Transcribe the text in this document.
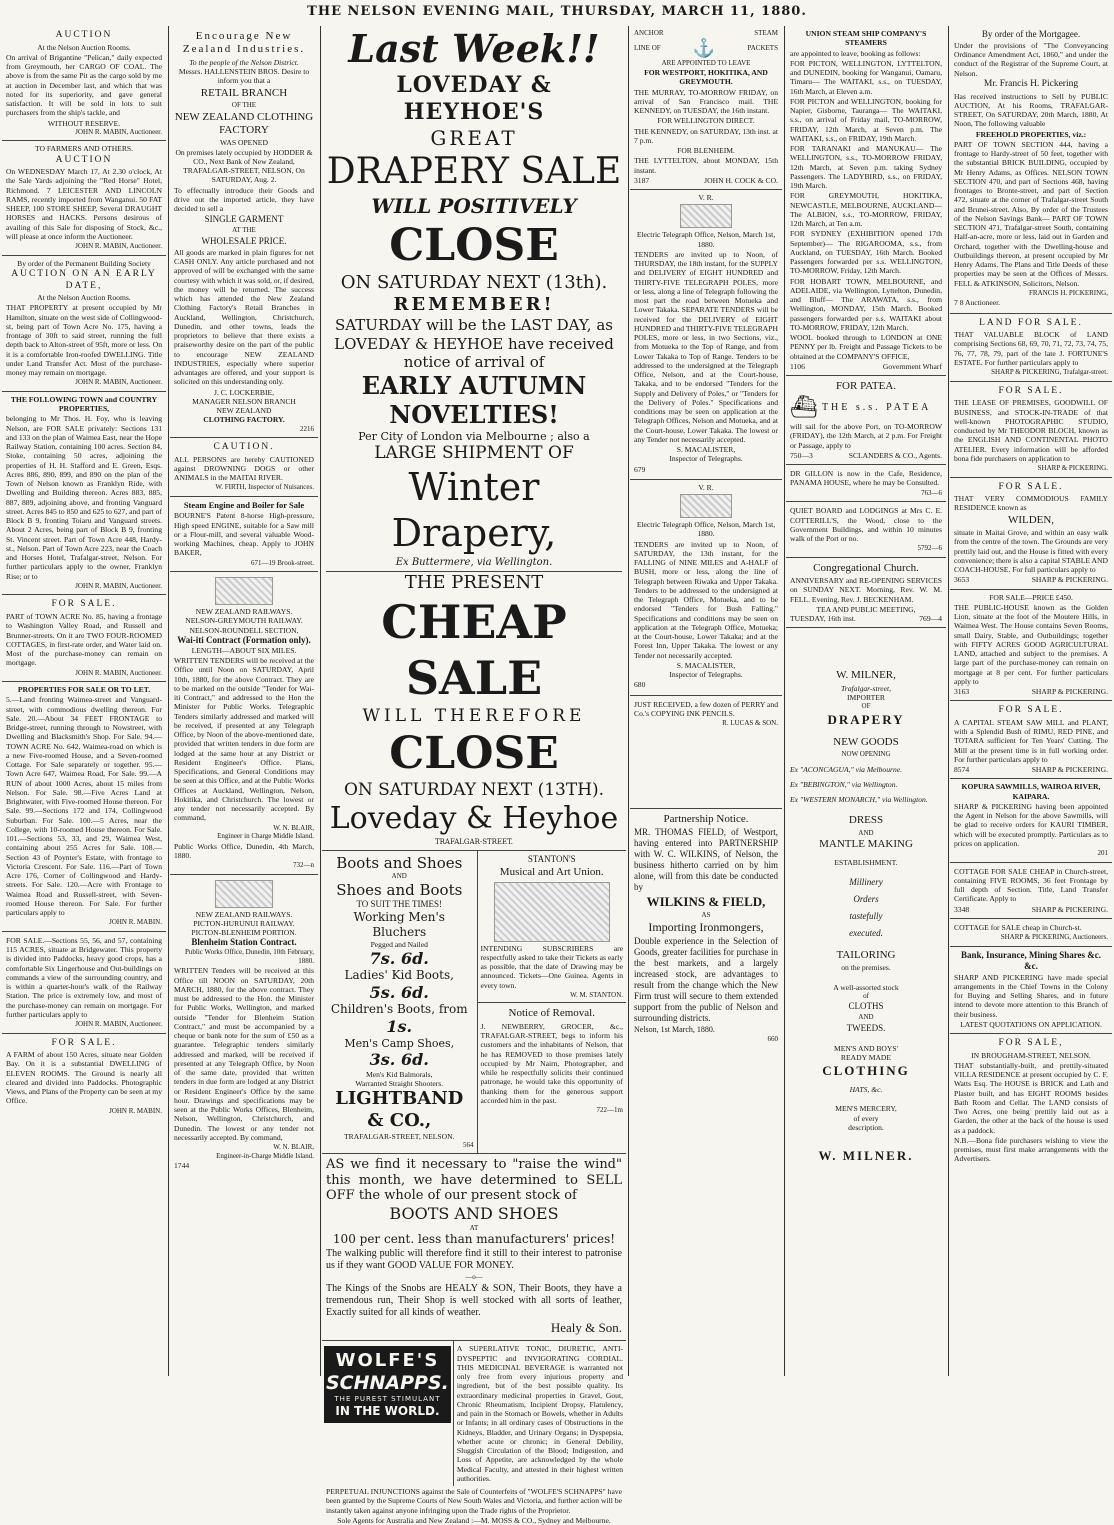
THE NELSON EVENING MAIL, THURSDAY, MARCH 11, 1880.
AUCTION
At the Nelson Auction Rooms.
On arrival of Brigantine "Pelican," daily expected from Greymouth, her CARGO OF COAL. The above is from the same Pit as the cargo sold by me at auction in December last, and which that was noted for its superiority, and gave general satisfaction. It will be sold in lots to suit purchasers from the ship's tackle, and
WITHOUT RESERVE.
JOHN R. MABIN, Auctioneer.
TO FARMERS AND OTHERS.
AUCTION
On WEDNESDAY March 17, At 2.30 o'clock, At the Sale Yards adjoining the "Red Horse" Hotel, Richmond. 7 LEICESTER AND LINCOLN RAMS, recently imported from Wanganui. 50 FAT SHEEP, 100 STORE SHEEP, Several DRAUGHT HORSES and HACKS. Persons desirous of availing of this Sale for disposing of Stock, &c., will please at once inform the Auctioneer.
JOHN R. MABIN, Auctioneer.
By order of the Permanent Building Society
AUCTION ON AN EARLY DATE,
At the Nelson Auction Rooms.
THAT PROPERTY at present occupied by Mr Hamilton, situate on the west side of Collingwood-st, being part of Town Acre No. 175, having a frontage of 30ft to said street, running the full depth back to Alton-street of 95ft, more or less. On it is a comfortable Iron-roofed DWELLING. Title under Land Transfer Act. Most of the purchase-money may remain on mortgage.
JOHN R. MABIN, Auctioneer.
THE FOLLOWING TOWN and COUNTRY PROPERTIES,
belonging to Mr Thos. H. Foy, who is leaving Nelson, are FOR SALE privately: Sections 131 and 133 on the plan of Waimea East, near the Hope Railway Station, containing 100 acres. Section 84, Stoke, containing 50 acres, adjoining the properties of H. H. Stafford and E. Green, Esqs. Acres 886, 890, 899, and 890 on the plan of the Town of Nelson known as Franklyn Ride, with Dwelling and Building thereon. Acres 883, 885, 887, 889, adjoining above, and fronting Vanguard street. Acres 845 to 850 and 625 to 627, and part of Block B 9, fronting Toiaru and Vanguard streets. About 2 Acres, being part of Block B 9, fronting St. Vincent street. Part of Town Acre 448, Hardy-st., Nelson. Part of Town Acre 223, near the Coach and Horses Hotel, Trafalgar-street, Nelson. For further particulars apply to the owner, Franklyn Rise; or to
JOHN R. MABIN, Auctioneer.
FOR SALE.
PART of TOWN ACRE No. 85, having a frontage to Washington Valley Road, and Russell and Brunner-streets. On it are TWO FOUR-ROOMED COTTAGES, in first-rate order, and Water laid on. Most of the purchase-money can remain on mortgage.
JOHN R. MABIN, Auctioneer.
PROPERTIES FOR SALE OR TO LET.
5.—Land fronting Waimea-street and Vanguard-street, with commodious dwelling thereon. For Sale. 20.—About 34 FEET FRONTAGE to Bridge-street, running through to Nowstreet, with Dwelling and Blacksmith's Shop. For Sale. 94.—TOWN ACRE No. 642, Waimea-road on which is a new Five-roomed House, and a Seven-roomed Cottage. For Sale separately or together. 95.—Town Acre 647, Waimea Road, For Sale. 99.—A RUN of about 1000 Acres, about 15 miles from Nelson. For Sale. 98.—Five Acres Land at Brightwater, with Five-roomed House thereon. For Sale. 99.—Sections 172 and 174, Collingwood Suburban. For Sale. 100.—5 Acres, near the College, with 10-roomed House thereon. For Sale. 101.—Sections 53, 33, and 29, Waimea West, containing about 255 Acres for Sale. 108.—Section 43 of Poynter's Estate, with frontage to Victoria Crescent. For Sale. 116.—Part of Town Acre 176, Corner of Collingwood and Hardy-streets. For Sale. 120.—Acre with Frontage to Waimea Road and Russell-street, with Seven-roomed House thereon. For Sale. For further particulars apply to
JOHN R. MABIN.
FOR SALE.—Sections 55, 56, and 57, containing 115 ACRES, situate at Bridgewater. This property is divided into Paddocks, heavy good crops, has a comfortable Six Lingerhouse and Out-buildings on commands a view of the surrounding country, and is within a quarter-hour's walk of the Railway Station. The price is extremely low, and most of the purchase-money can remain on mortgage. For further particulars apply to
JOHN R. MABIN, Auctioneer.
FOR SALE.
A FARM of about 150 Acres, situate near Golden Bay. On it is a substantial DWELLING of ELEVEN ROOMS. The Ground is nearly all cleared and divided into Paddocks. Photographic Views, and Plans of the Property can be seen at my Office.
JOHN R. MABIN.
Encourage New Zealand Industries.
To the people of the Nelson District.
Messrs. HALLENSTEIN BROS. Desire to inform you that a
RETAIL BRANCH
OF THE
NEW ZEALAND CLOTHING FACTORY
WAS OPENED
On premises lately occupied by HODDER & CO., Next Bank of New Zealand, TRAFALGAR-STREET, NELSON, On SATURDAY, Aug. 2.
To effectually introduce their Goods and drive out the imported article, they have decided to sell a
SINGLE GARMENT
AT THE
WHOLESALE PRICE.
All goods are marked in plain figures for net CASH ONLY. Any article purchased and not approved of will be exchanged with the same courtesy with which it was sold, or, if desired, the money will be returned. The success which has attended the New Zealand Clothing Factory's Retail Branches in Auckland, Wellington, Christchurch, Dunedin, and other towns, leads the proprietors to believe that there exists a praiseworthy desire on the part of the public to encourage NEW ZEALAND INDUSTRIES, especially where superior advantages are offered, and your support is solicited on this understanding only.
J. C. LOCKERBIE,
MANAGER NELSON BRANCH
NEW ZEALAND
CLOTHING FACTORY.
2216
CAUTION.
ALL PERSONS are hereby CAUTIONED against DROWNING DOGS or other ANIMALS in the MAITAI RIVER.
W. FIRTH, Inspector of Nuisances.
Steam Engine and Boiler for Sale
BOURNE'S Patent 8-horse High-pressure, High speed ENGINE, suitable for a Saw mill or a Flour-mill, and several valuable Wood-working Machines, cheap. Apply to JOHN BAKER,
671—19 Brook-street.
NEW ZEALAND RAILWAYS.
NELSON-GREYMOUTH RAILWAY.
NELSON-ROUNDELL SECTION,
Wai-iti Contract (Formation only).
LENGTH—ABOUT SIX MILES.
WRITTEN TENDERS will be received at the Office until Noon on SATURDAY, April 10th, 1880, for the above Contract. They are to be marked on the outside "Tender for Wai-iti Contract," and addressed to the Hon the Minister for Public Works. Telegraphic Tenders similarly addressed and marked will be received, if presented at any Telegraph Office, by Noon of the above-mentioned date, provided that written tenders in due form are lodged at the same hour at any District or Resident Engineer's Office. Plans, Specifications, and General Conditions may be seen at this Office, and at the Public Works Offices at Auckland, Wellington, Nelson, Hokitika, and Christchurch. The lowest or any tender not necessarily accepted. By command,
W. N. BLAIR,
Engineer in Charge Middle Island.
Public Works Office, Dunedin, 4th March, 1880.
732—n
NEW ZEALAND RAILWAYS.
PICTON-HURUNUI RAILWAY.
PICTON-BLENHEIM PORTION.
Blenheim Station Contract.
Public Works Office, Dunedin, 10th February, 1880.
WRITTEN Tenders will be received at this Office till NOON on SATURDAY, 20th MARCH, 1880, for the above contract. They must be addressed to the Hon. the Minister for Public Works, Wellington, and marked outside "Tender for Blenheim Station Contract," and must be accompanied by a cheque or bank note for the sum of £50 as a guarantee. Telegraphic tenders similarly addressed and marked, will be received if presented at any Telegraph Office, by Noon of the same date, provided that written tenders in due form are lodged at any District or Resident Engineer's Office by the same hour. Drawings and specifications may be seen at the Public Works Offices, Blenheim, Nelson, Wellington, Christchurch, and Dunedin. The lowest or any tender not necessarily accepted. By command,
W. N. BLAIR,
Engineer-in-Charge Middle Island.
1744
Last Week!!
LOVEDAY & HEYHOE'S
GREAT
DRAPERY SALE
WILL POSITIVELY
CLOSE
ON SATURDAY NEXT (13th).
REMEMBER!
SATURDAY will be the LAST DAY, as LOVEDAY & HEYHOE have received notice of arrival of
EARLY AUTUMN NOVELTIES!
Per City of London via Melbourne ; also a
LARGE SHIPMENT OF
Winter Drapery,
Ex Buttermere, via Wellington.
THE PRESENT
CHEAP SALE
WILL THEREFORE
CLOSE
ON SATURDAY NEXT (13TH).
Loveday & Heyhoe
TRAFALGAR-STREET.
Boots and Shoes
AND
Shoes and Boots
TO SUIT THE TIMES!
Working Men's Bluchers
Pegged and Nailed
7s. 6d.
Ladies' Kid Boots,
5s. 6d.
Children's Boots, from
1s.
Men's Camp Shoes,
3s. 6d.
Men's Kid Balmorals,
Warranted Straight Shooters.
LIGHTBAND & CO.,
TRAFALGAR-STREET, NELSON.
564
STANTON'S
Musical and Art Union.
INTENDING SUBSCRIBERS are respectfully asked to take their Tickets as early as possible, that the date of Drawing may be announced. Tickets—One Guinea. Agents in every town.
W. M. STANTON.
Notice of Removal.
J. NEWBERRY, GROCER, &c., TRAFALGAR-STREET, begs to inform his customers and the inhabitants of Nelson, that he has REMOVED to those premises lately occupied by Mr Nairn, Photographer, and while he respectfully solicits their continued patronage, he would take this opportunity of thanking them for the generous support accorded him in the past.
722—1m
AS we find it necessary to "raise the wind" this month, we have determined to SELL OFF the whole of our present stock of
BOOTS AND SHOES
AT
100 per cent. less than manufacturers' prices!
The walking public will therefore find it still to their interest to patronise us if they want GOOD VALUE FOR MONEY.
—o—
The Kings of the Snobs are HEALY & SON, Their Boots, they have a tremendous run, Their Shop is well stocked with all sorts of leather, Exactly suited for all kinds of weather.
Healy & Son.
WOLFE'S
SCHNAPPS.
THE PUREST STIMULANT
IN THE WORLD.
A SUPERLATIVE TONIC, DIURETIC, ANTI-DYSPEPTIC and INVIGORATING CORDIAL. THIS MEDICINAL BEVERAGE is warranted not only free from every injurious property and ingredient, but of the best possible quality. Its extraordinary medicinal properties in Gravel, Gout, Chronic Rheumatism, Incipient Dropsy, Flatulency, and pain in the Stomach or Bowels, whether in Adults or Infants; in all ordinary cases of Obstructions in the Kidneys, Bladder, and Urinary Organs; in Dyspepsia, whether acute or chronic; in General Debility, Sluggish Circulation of the Blood; Indigestion, and Loss of Appetite, are acknowledged by the whole Medical Faculty, and attested in their highest written authorities.
PERPETUAL INJUNCTIONS against the Sale of Counterfeits of "WOLFE'S SCHNAPPS" have been granted by the Supreme Courts of New South Wales and Victoria, and further action will be instantly taken against anyone infringing upon the Trade rights of the Proprietor.
Sole Agents for Australia and New Zealand :—M. MOSS & CO., Sydney and Melbourne.
ANCHOR	STEAM
LINE OF ⚓	PACKETS
ARE APPOINTED TO LEAVE
FOR WESTPORT, HOKITIKA, AND GREYMOUTH.
THE MURRAY, TO-MORROW FRIDAY, on arrival of San Francisco mail. THE KENNEDY, on TUESDAY, the 16th instant.
FOR WELLINGTON DIRECT.
THE KENNEDY, on SATURDAY, 13th inst. at 7 p.m.
FOR BLENHEIM.
THE LYTTELTON, about MONDAY, 15th instant.
3187	JOHN H. COCK & CO.
V. R.
Electric Telegraph Office, Nelson, March 1st, 1880.
TENDERS are invited up to Noon, of THURSDAY, the 18th instant, for the SUPPLY and DELIVERY of EIGHT HUNDRED and THIRTY-FIVE TELEGRAPH POLES, more or less, along a line of Telegraph following the most part the road between Motueka and Lower Takaka. SEPARATE TENDERS will be received for the DELIVERY of EIGHT HUNDRED and THIRTY-FIVE TELEGRAPH POLES, more or less, in two Sections, viz., from Motueka to the Top of Range, and from Lower Takaka to Top of Range. Tenders to be addressed to the undersigned at the Telegraph Office, Nelson, and at the Court-house, Takaka, and to be endorsed "Tenders for the Supply and Delivery of Poles," or "Tenders for the Delivery of Poles." Specifications and conditions may be seen on application at the Telegraph Offices, Nelson and Motueka, and at the Court-house, Lower Takaka. The lowest or any Tender not necessarily accepted.
S. MACALISTER,
Inspector of Telegraphs.
679
V. R.
Electric Telegraph Office, Nelson, March 1st, 1880.
TENDERS are invited up to Noon, of SATURDAY, the 13th instant, for the FALLING of NINE MILES and A-HALF of BUSH, more or less, along the line of Telegraph between Riwaka and Upper Takaka. Tenders to be addressed to the undersigned at the Telegraph Office, Motueka, and to be endorsed "Tenders for Bush Falling." Specifications and conditions may be seen on application at the Telegraph Office, Motueka; at the Court-house, Lower Takaka; and at the Forest Inn, Upper Takaka. The lowest or any Tender not necessarily accepted.
S. MACALISTER,
Inspector of Telegraphs.
680
JUST RECEIVED, a few dozen of PERRY and Co.'s COPYING INK PENCILS.
R. LUCAS & SON.
Partnership Notice.
MR. THOMAS FIELD, of Westport, having entered into PARTNERSHIP with W. C. WILKINS, of Nelson, the business hitherto carried on by him alone, will from this date be conducted by
WILKINS & FIELD,
AS
Importing Ironmongers,
Double experience in the Selection of Goods, greater facilities for purchase in the best markets, and a largely increased stock, are advantages to result from the change which the New Firm trust will secure to them extended support from the public of Nelson and surrounding districts.
Nelson, 1st March, 1880.
660
UNION STEAM SHIP COMPANY'S STEAMERS
are appointed to leave, booking as follows:
FOR PICTON, WELLINGTON, LYTTELTON, and DUNEDIN, booking for Wanganui, Oamaru, Timaru— The WAITAKI, s.s., on TUESDAY, 16th March, at Eleven a.m.
FOR PICTON and WELLINGTON, booking for Napier, Gisborne, Tauranga— The WAITAKI, s.s., on arrival of Friday mail, TO-MORROW, FRIDAY, 12th March, at Seven p.m. The WAITAKI, s.s., on FRIDAY, 19th March.
FOR TARANAKI and MANUKAU— The WELLINGTON, s.s., TO-MORROW FRIDAY, 12th March, at Seven p.m. taking Sydney Passengers. The LADYBIRD, s.s., on FRIDAY, 19th March.
FOR GREYMOUTH, HOKITIKA, NEWCASTLE, MELBOURNE, AUCKLAND— The ALBION, s.s., TO-MORROW, FRIDAY, 12th March, at Ten a.m.
FOR SYDNEY (EXHIBITION opened 17th September)— The RIGAROOMA, s.s., from Auckland, on TUESDAY, 16th March. Booked Passengers forwarded per s.s. WELLINGTON, TO-MORROW, Friday, 12th March.
FOR HOBART TOWN, MELBOURNE, and ADELAIDE, via Wellington, Lyttelton, Dunedin, and Bluff— The ARAWATA, s.s., from Wellington, MONDAY, 15th March. Booked passengers forwarded per s.s. WAITAKI about TO-MORROW, FRIDAY, 12th March.
WOOL booked through to LONDON at ONE PENNY per lb. Freight and Passage Tickets to be obtained at the COMPANY'S OFFICE,
1106	Government Wharf
FOR PATEA.
⛴ THE s.s. PATEA
will sail for the above Port, on TO-MORROW (FRIDAY), the 12th March, at 2 p.m. For Freight or Passage, apply to
750—3	SCLANDERS & CO., Agents.
DR GILLON is now in the Cafe, Residence, PANAMA HOUSE, where he may be Consulted.
763—6
QUIET BOARD and LODGINGS at Mrs C. E. COTTERILL'S, the Wood, close to the Government Buildings, and within 10 minutes walk of the Port or no.
5792—6
Congregational Church.
ANNIVERSARY and RE-OPENING SERVICES on SUNDAY NEXT. Morning, Rev. W. M. FELL. Evening, Rev. J. BECKENHAM.
TEA AND PUBLIC MEETING,
TUESDAY, 16th inst.	769—4
W. MILNER,
Trafalgar-street,
IMPORTER
OF
DRAPERY
NEW GOODS
NOW OPENING
Ex "ACONCAGUA," via Melbourne.
Ex "BEBINGTON," via Wellington.
Ex "WESTERN MONARCH," via Wellington.
DRESS
AND
MANTLE MAKING
ESTABLISHMENT.
Millinery
Orders
tastefully
executed.
TAILORING
on the premises.
A well-assorted stock
of
CLOTHS
AND
TWEEDS.
MEN'S AND BOYS'
READY MADE
CLOTHING
HATS, &c.
MEN'S MERCERY,
of every
description.
W. MILNER.
By order of the Mortgagee.
Under the provisions of "The Conveyancing Ordinance Amendment Act, 1860," and under the conduct of the Registrar of the Supreme Court, at Nelson.
Mr. Francis H. Pickering
Has received instructions to Sell by PUBLIC AUCTION, At his Rooms, TRAFALGAR-STREET, On SATURDAY, 20th March, 1880, At Noon, The following valuable
FREEHOLD PROPERTIES, viz.:
PART OF TOWN SECTION 444, having a frontage to Hardy-street of 50 feet, together with the substantial BRICK BUILDING, occupied by Mr Henry Adams, as Offices. NELSON TOWN SECTION 470, and part of Sections 468, having frontages to Bronte-street, and part of Section 472, situate at the corner of Trafalgar-street South and Brunei-street. Also, By order of the Trustees of the Nelson Savings Bank— PART OF TOWN SECTION 471, Trafalgar-street South, containing Half-an-acre, more or less, laid out in Garden and Orchard, together with the Dwelling-house and Outbuildings thereon, at present occupied by Mr Henry Adams. The Plans and Title Deeds of these properties may be seen at the Offices of Messrs. FELL & ATKINSON, Solicitors, Nelson.
FRANCIS H. PICKERING,
7 8 Auctioneer.
LAND FOR SALE.
THAT VALUABLE BLOCK of LAND comprising Sections 68, 69, 70, 71, 72, 73, 74, 75, 76, 77, 78, 79, part of the late J. FORTUNE'S ESTATE. For further particulars apply to
SHARP & PICKERING, Trafalgar-street.
FOR SALE.
THE LEASE OF PREMISES, GOODWILL OF BUSINESS, and STOCK-IN-TRADE of that well-known PHOTOGRAPHIC STUDIO, conducted by Mr THEODOR BLOCH, known as the ENGLISH AND CONTINENTAL PHOTO ATELIER. Every information will be afforded bona fide purchasers on application to
SHARP & PICKERING.
FOR SALE.
THAT VERY COMMODIOUS FAMILY RESIDENCE known as
WILDEN,
situate in Maitai Grove, and within an easy walk from the centre of the town. The Grounds are very prettily laid out, and the House is fitted with every convenience; there is also a capital STABLE AND COACH-HOUSE. For full particulars apply to
3653	SHARP & PICKERING.
FOR SALE—PRICE £450.
THE PUBLIC-HOUSE known as the Golden Lion, situate at the foot of the Moutere Hills, in Waimea West. The House contains Seven Rooms, small Dairy, Stable, and Outbuildings; together with FIFTY ACRES GOOD AGRICULTURAL LAND, attached and subject to the premises. A large part of the purchase-money can remain on mortgage at 8 per cent. For further particulars apply to
3163	SHARP & PICKERING.
FOR SALE.
A CAPITAL STEAM SAW MILL and PLANT, with a Splendid Bush of RIMU, RED PINE, and TOTARA sufficient for Ten Years' Cutting. The Mill at the present time is in full working order. For further particulars apply to
8574	SHARP & PICKERING.
KOPURA SAWMILLS, WAIROA RIVER, KAIPARA.
SHARP & PICKERING having been appointed the Agent in Nelson for the above Sawmills, will be glad to receive orders for KAURI TIMBER, which will be executed promptly. Particulars as to prices on application.
201
COTTAGE FOR SALE CHEAP in Church-street, containing FIVE ROOMS, 36 feet Frontage by full depth of Section. Title, Land Transfer Certificate. Apply to
3348	SHARP & PICKERING.
COTTAGE for SALE cheap in Church-st.
SHARP & PICKERING, Auctioneers.
Bank, Insurance, Mining Shares &c. &c.
SHARP AND PICKERING have made special arrangements in the Chief Towns in the Colony for Buying and Selling Shares, and in future intend to devote more attention to this Branch of their business.
LATEST QUOTATIONS ON APPLICATION.
FOR SALE,
IN BROUGHAM-STREET, NELSON.
THAT substantially-built, and prettily-situated VILLA RESIDENCE at present occupied by C. F. Watts Esq. The HOUSE is BRICK and Lath and Plaster built, and has EIGHT ROOMS besides Bath Room and Cellar. The LAND consists of Two Acres, one being prettily laid out as a Garden, the other at the back of the house is used as a paddock.
N.B.—Bona fide purchasers wishing to view the premises, must first make arrangements with the Advertisers.
